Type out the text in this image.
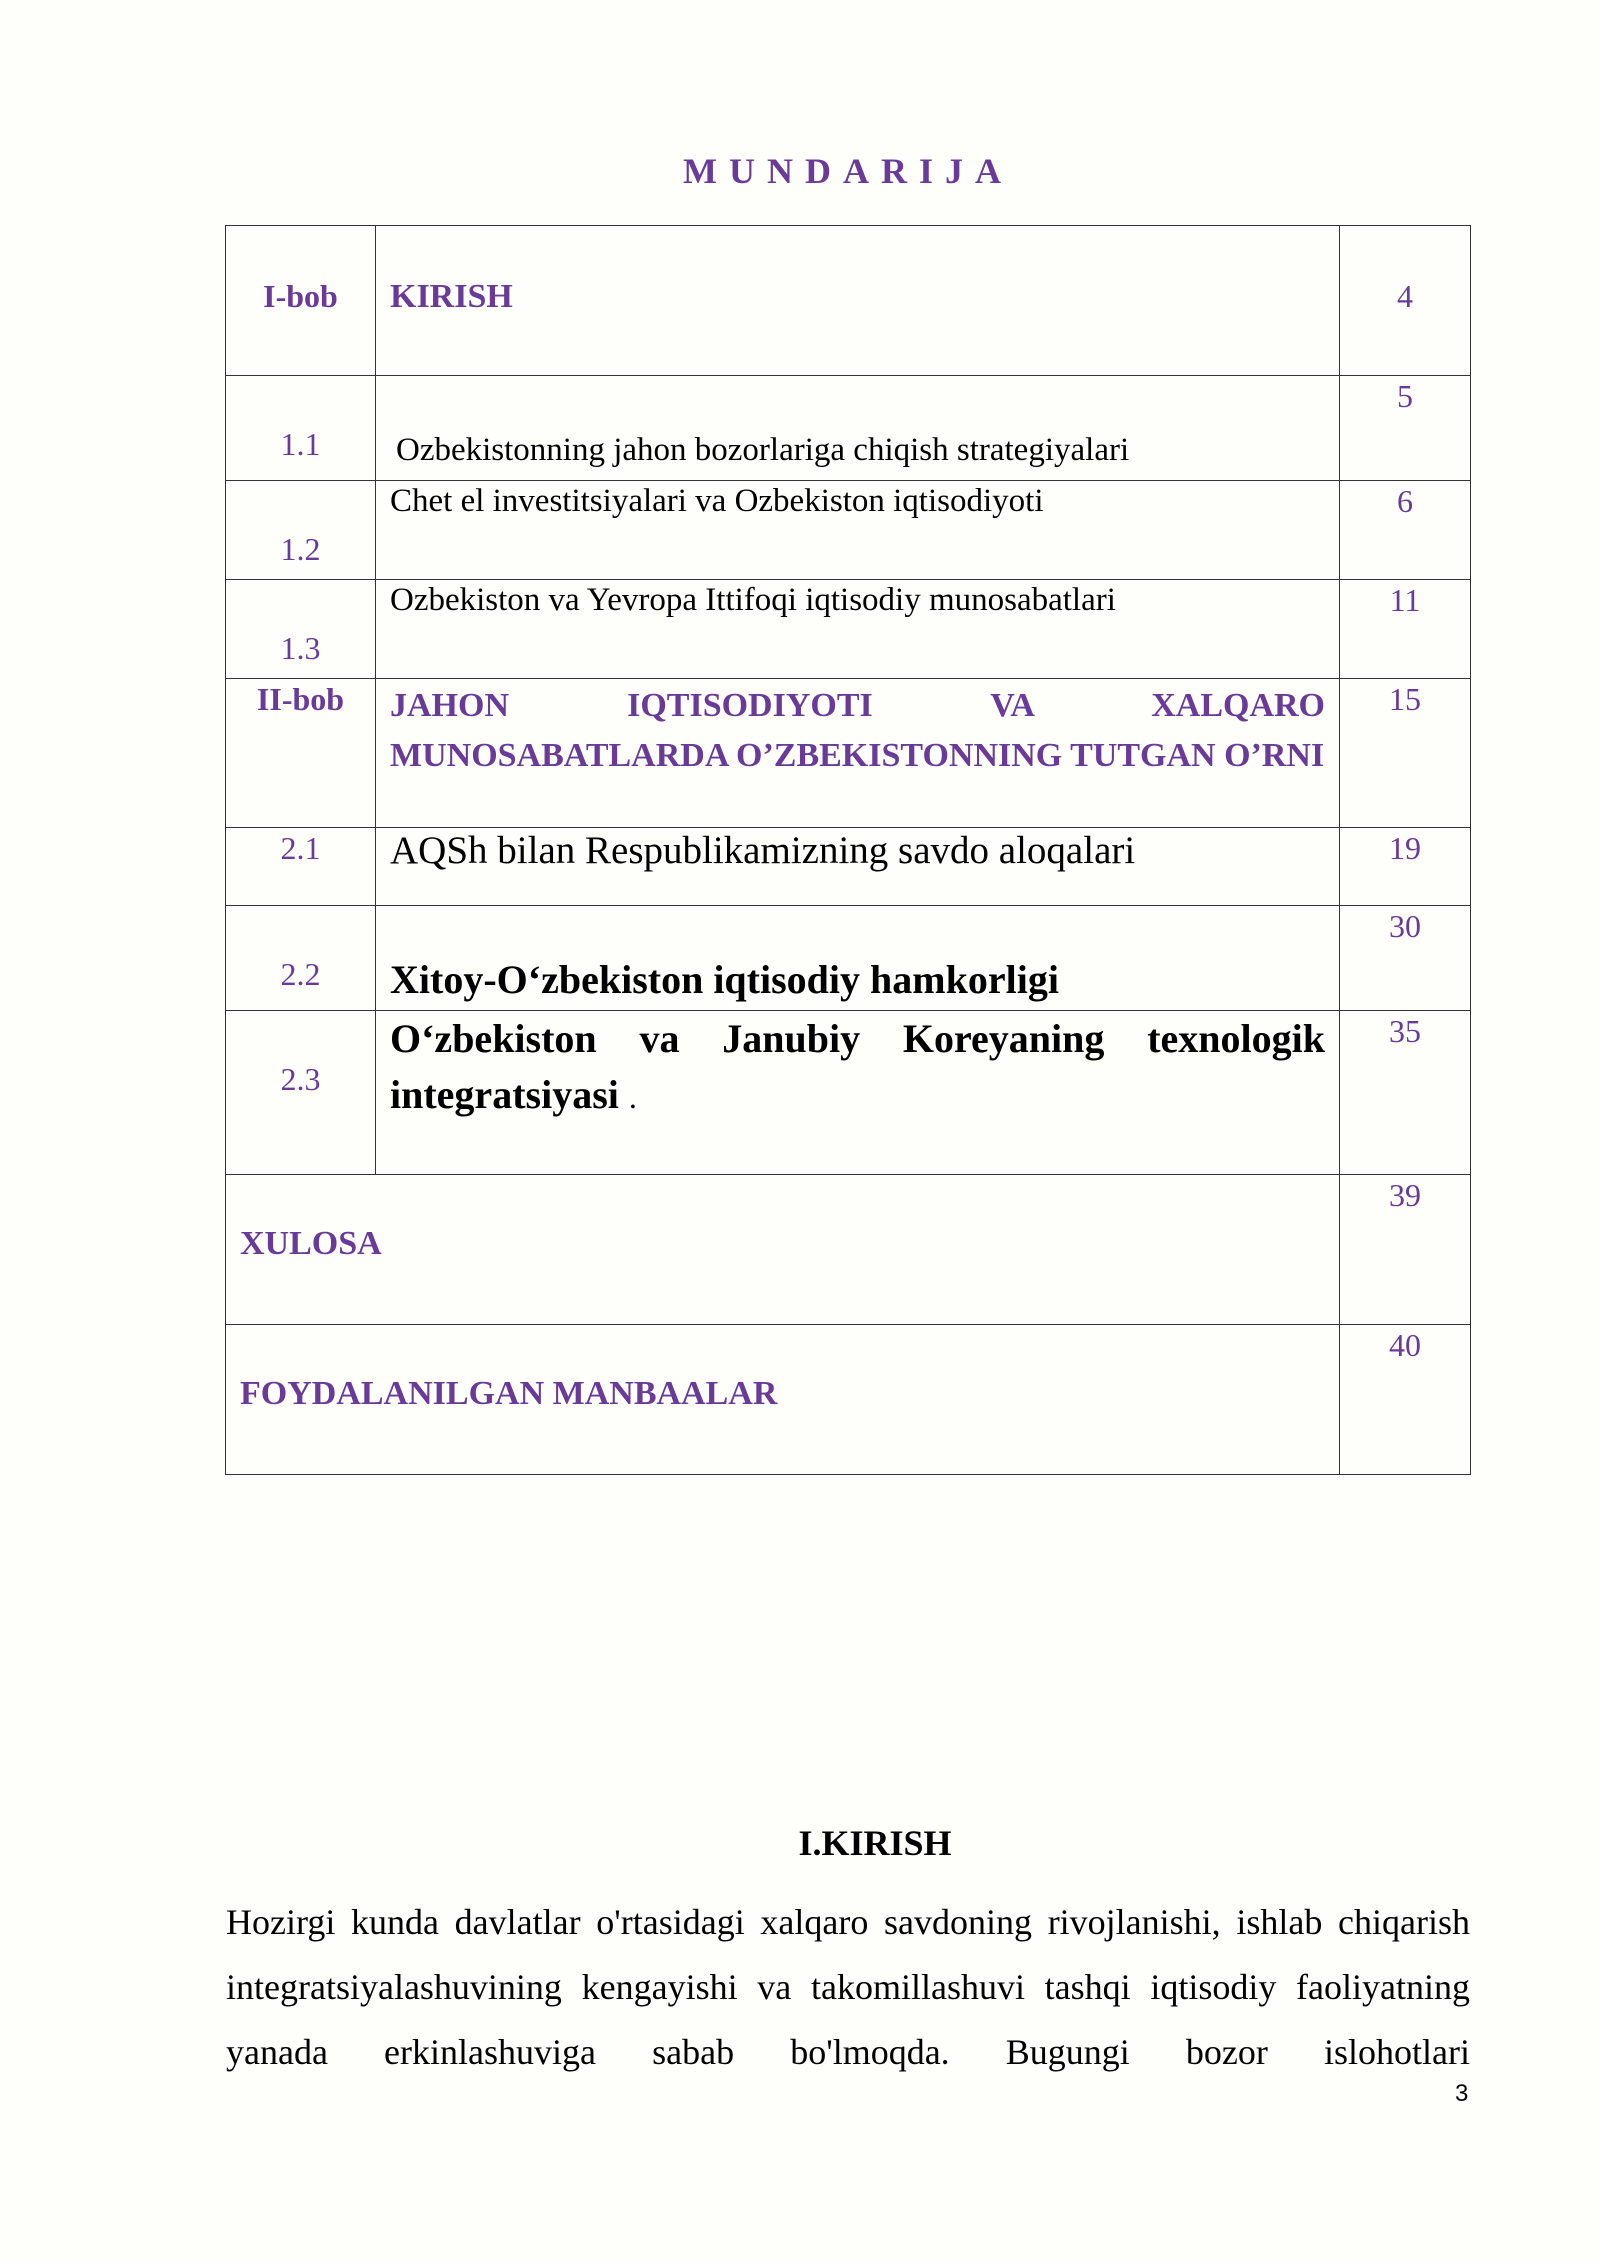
MUNDARIJA
I-bob	KIRISH	4

1.1	Ozbekistonning jahon bozorlariga chiqish strategiyalari	5

1.2	Chet el investitsiyalari va Ozbekiston iqtisodiyoti	6

1.3	Ozbekiston va Yevropa Ittifoqi iqtisodiy munosabatlari	11

II-bob	JAHON IQTISODIYOTI VA XALQARO MUNOSABATLARDA O’ZBEKISTONNING TUTGAN O’RNI	15

2.1	AQSh bilan Respublikamizning savdo aloqalari	19

2.2	Xitoy-O‘zbekiston iqtisodiy hamkorligi	30

2.3	O‘zbekiston va Janubiy Koreyaning texnologik integratsiyasi .	35

XULOSA		39

FOYDALANILGAN MANBAALAR		40
I.KIRISH
Hozirgi kunda davlatlar o'rtasidagi xalqaro savdoning rivojlanishi, ishlab chiqarish
integratsiyalashuvining kengayishi va takomillashuvi tashqi iqtisodiy faoliyatning
yanada erkinlashuviga sabab bo'lmoqda. Bugungi bozor islohotlari
3
